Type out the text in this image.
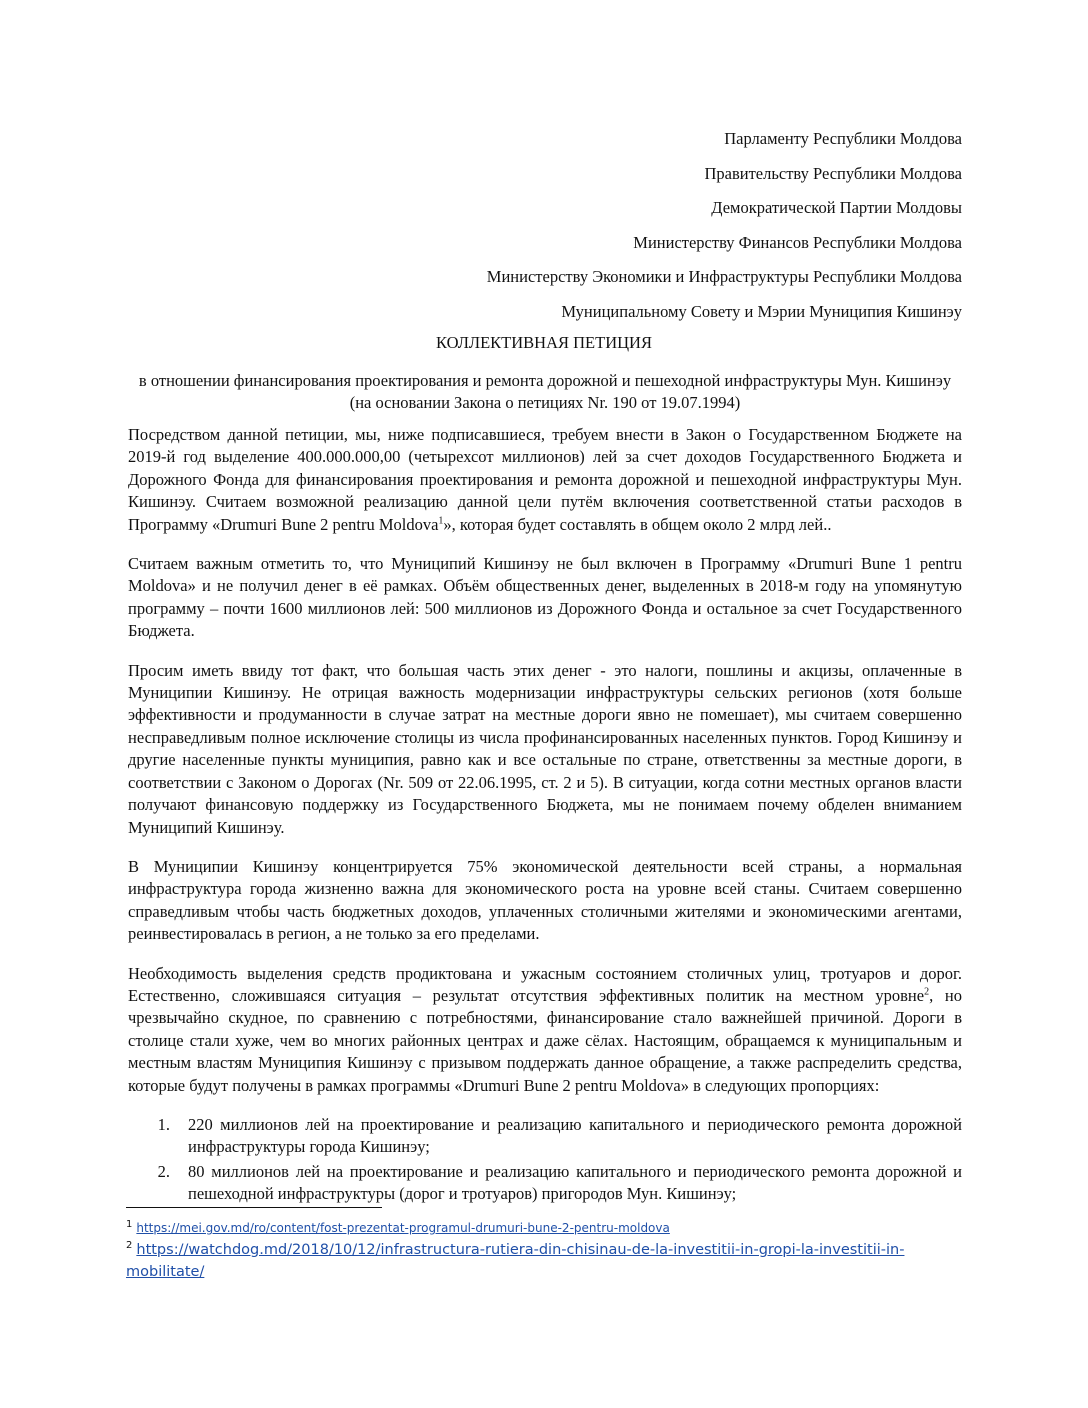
Парламенту Республики Молдова
Правительству Республики Молдова
Демократической Партии Молдовы
Министерству Финансов Республики Молдова
Министерству Экономики и Инфраструктуры Республики Молдова
Муниципальному Совету и Мэрии Муниципия Кишинэу
КОЛЛЕКТИВНАЯ ПЕТИЦИЯ
в отношении финансирования проектирования и ремонта дорожной и пешеходной инфраструктуры Мун. Кишинэу (на основании Закона о петициях Nr. 190 от 19.07.1994)

Посредством данной петиции, мы, ниже подписавшиеся, требуем внести в Закон о Государственном Бюджете на 2019-й год выделение 400.000.000,00 (четырехсот миллионов) лей за счет доходов Государственного Бюджета и Дорожного Фонда для финансирования проектирования и ремонта дорожной и пешеходной инфраструктуры Мун. Кишинэу. Считаем возможной реализацию данной цели путём включения соответственной статьи расходов в Программу «Drumuri Bune 2 pentru Moldova$^1$», которая будет составлять в общем около 2 млрд лей..

Считаем важным отметить то, что Муниципий Кишинэу не был включен в Программу «Drumuri Bune 1 pentru Moldova» и не получил денег в её рамках. Объём общественных денег, выделенных в 2018-м году на упомянутую программу – почти 1600 миллионов лей: 500 миллионов из Дорожного Фонда и остальное за счет Государственного Бюджета.

Просим иметь ввиду тот факт, что большая часть этих денег - это налоги, пошлины и акцизы, оплаченные в Муниципии Кишинэу. Не отрицая важность модернизации инфраструктуры сельских регионов (хотя больше эффективности и продуманности в случае затрат на местные дороги явно не помешает), мы считаем совершенно несправедливым полное исключение столицы из числа профинансированных населенных пунктов. Город Кишинэу и другие населенные пункты муниципия, равно как и все остальные по стране, ответственны за местные дороги, в соответствии с Законом о Дорогах (Nr. 509 от 22.06.1995, ст. 2 и 5). В ситуации, когда сотни местных органов власти получают финансовую поддержку из Государственного Бюджета, мы не понимаем почему обделен вниманием Муниципий Кишинэу.

В Муниципии Кишинэу концентрируется 75% экономической деятельности всей страны, а нормальная инфраструктура города жизненно важна для экономического роста на уровне всей станы. Считаем совершенно справедливым чтобы часть бюджетных доходов, уплаченных столичными жителями и экономическими агентами, реинвестировалась в регион, а не только за его пределами.

Необходимость выделения средств продиктована и ужасным состоянием столичных улиц, тротуаров и дорог. Естественно, сложившаяся ситуация – результат отсутствия эффективных политик на местном уровне$^2$, но чрезвычайно скудное, по сравнению с потребностями, финансирование стало важнейшей причиной. Дороги в столице стали хуже, чем во многих районных центрах и даже сёлах. Настоящим, обращаемся к муниципальным и местным властям Муниципия Кишинэу с призывом поддержать данное обращение, а также распределить средства, которые будут получены в рамках программы «Drumuri Bune 2 pentru Moldova» в следующих пропорциях:

1.	220 миллионов лей на проектирование и реализацию капитального и периодического ремонта дорожной инфраструктуры города Кишинэу;
2.	80 миллионов лей на проектирование и реализацию капитального и периодического ремонта дорожной и пешеходной инфраструктуры (дорог и тротуаров) пригородов Мун. Кишинэу;
$^1$ https://mei.gov.md/ro/content/fost-prezentat-programul-drumuri-bune-2-pentru-moldova
$^2$ https://watchdog.md/2018/10/12/infrastructura-rutiera-din-chisinau-de-la-investitii-in-gropi-la-investitii-in-mobilitate/
